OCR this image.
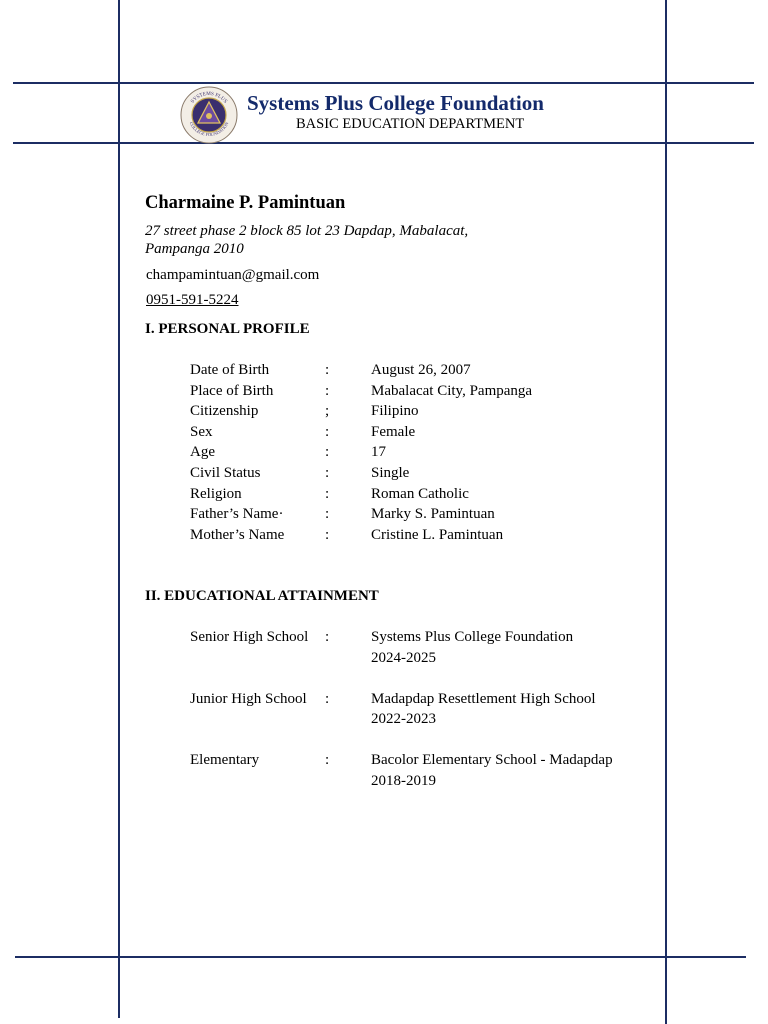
SYSTEMS PLUS
COLLEGE FOUNDATION
Systems Plus College Foundation
BASIC EDUCATION DEPARTMENT
Charmaine P. Pamintuan
27 street phase 2 block 85 lot 23 Dapdap, Mabalacat, Pampanga 2010
champamintuan@gmail.com
0951-591-5224
I. PERSONAL PROFILE
Date of Birth	:	August 26, 2007
Place of Birth	:	Mabalacat City, Pampanga
Citizenship	;	Filipino
Sex	:	Female
Age	:	17
Civil Status	:	Single
Religion	:	Roman Catholic
Father’s Name·	:	Marky S. Pamintuan
Mother’s Name	:	Cristine L. Pamintuan
II. EDUCATIONAL ATTAINMENT
Senior High School :	Systems Plus College Foundation
2024-2025
Junior High School :	Madapdap Resettlement High School
2022-2023
Elementary	:	Bacolor Elementary School - Madapdap
2018-2019
